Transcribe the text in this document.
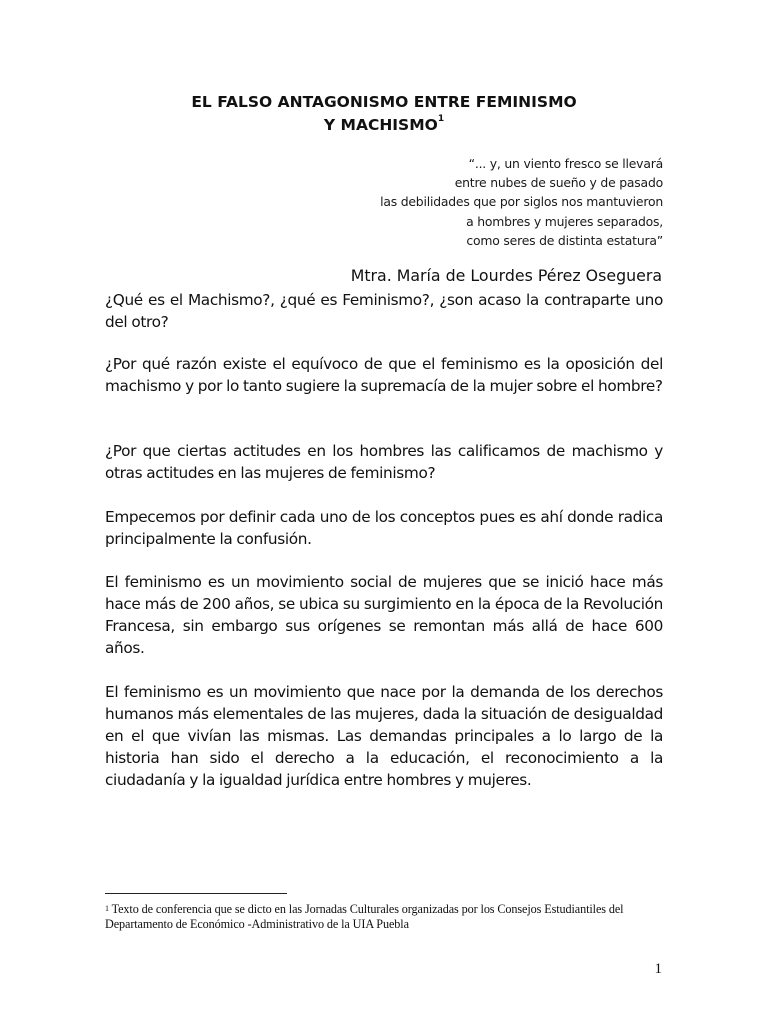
EL FALSO ANTAGONISMO ENTRE FEMINISMO
Y MACHISMO$^1$
“... y, un viento fresco se llevará
entre nubes de sueño y de pasado
las debilidades que por siglos nos mantuvieron
a hombres y mujeres separados,
como seres de distinta estatura”
Mtra. María de Lourdes Pérez Oseguera

¿Qué es el Machismo?, ¿qué es Feminismo?, ¿son acaso la contraparte uno del otro?

¿Por qué razón existe el equívoco de que el feminismo es la oposición del machismo y por lo tanto sugiere la supremacía de la mujer sobre el hombre?

¿Por que ciertas actitudes en los hombres las calificamos de machismo y otras actitudes en las mujeres de feminismo?

Empecemos por definir cada uno de los conceptos pues es ahí donde radica principalmente la confusión.

El feminismo es un movimiento social de mujeres que se inició hace más hace más de 200 años, se ubica su surgimiento en la época de la Revolución Francesa, sin embargo sus orígenes se remontan más allá de hace 600 años.

El feminismo es un movimiento que nace por la demanda de los derechos humanos más elementales de las mujeres, dada la situación de desigualdad en el que vivían las mismas. Las demandas principales a lo largo de la historia han sido el derecho a la educación, el reconocimiento a la ciudadanía y la igualdad jurídica entre hombres y mujeres.

$^1$ Texto de conferencia que se dicto en las Jornadas Culturales organizadas por los Consejos Estudiantiles del Departamento de Económico -Administrativo de la UIA Puebla

1
